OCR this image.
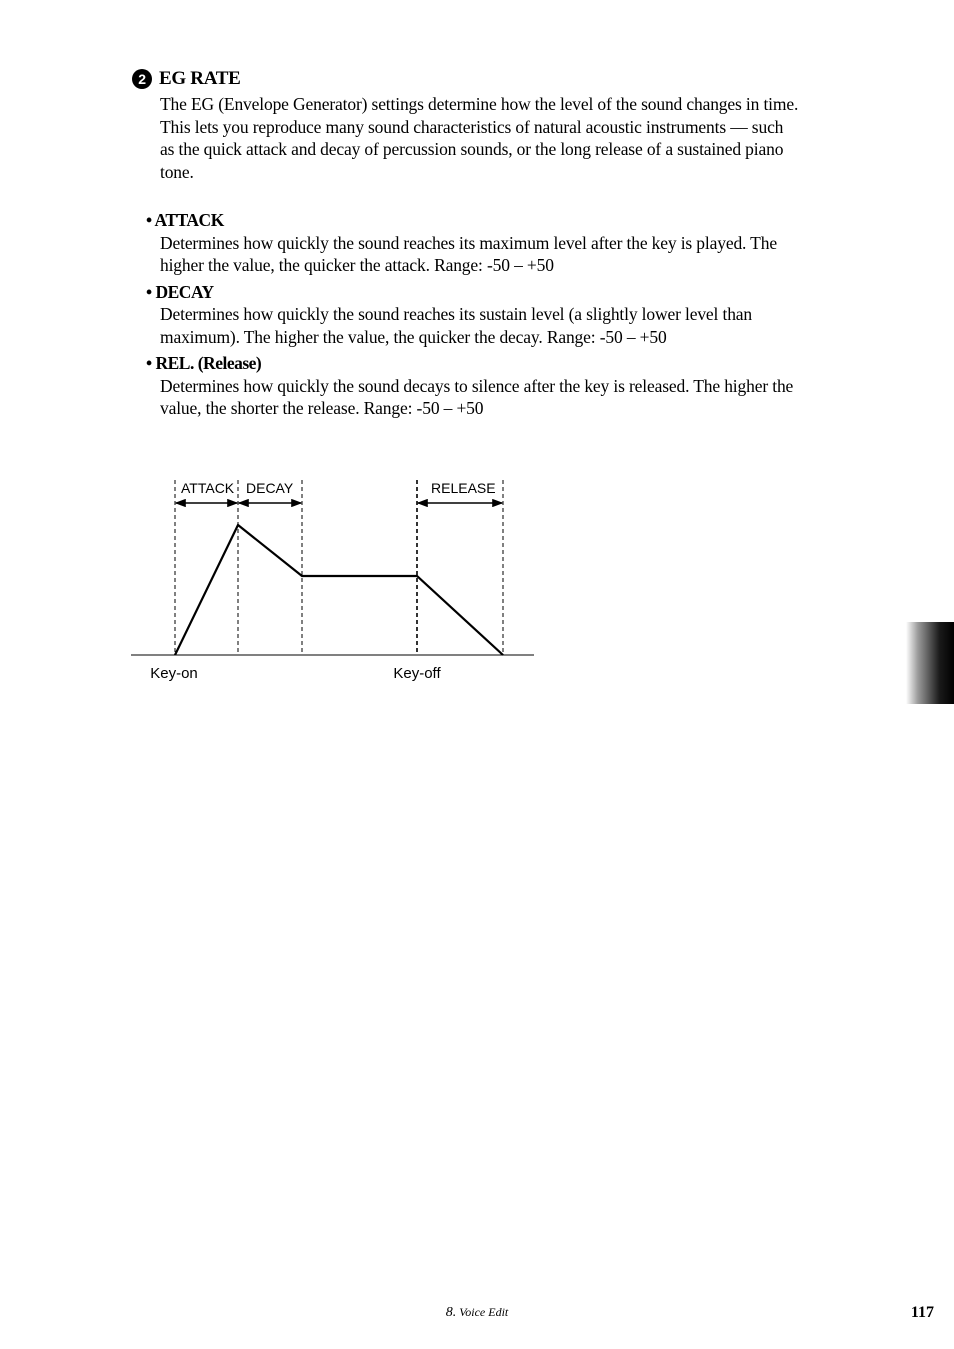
2 EG RATE
The EG (Envelope Generator) settings determine how the level of the sound changes in time.
This lets you reproduce many sound characteristics of natural acoustic instruments — such
as the quick attack and decay of percussion sounds, or the long release of a sustained piano
tone.
• ATTACK
Determines how quickly the sound reaches its maximum level after the key is played. The
higher the value, the quicker the attack. Range: -50 – +50
• DECAY
Determines how quickly the sound reaches its sustain level (a slightly lower level than
maximum). The higher the value, the quicker the decay. Range: -50 – +50
• REL. (Release)
Determines how quickly the sound decays to silence after the key is released. The higher the
value, the shorter the release. Range: -50 – +50
ATTACK DECAY	RELEASE
Key-on	Key-off
8. Voice Edit	117
